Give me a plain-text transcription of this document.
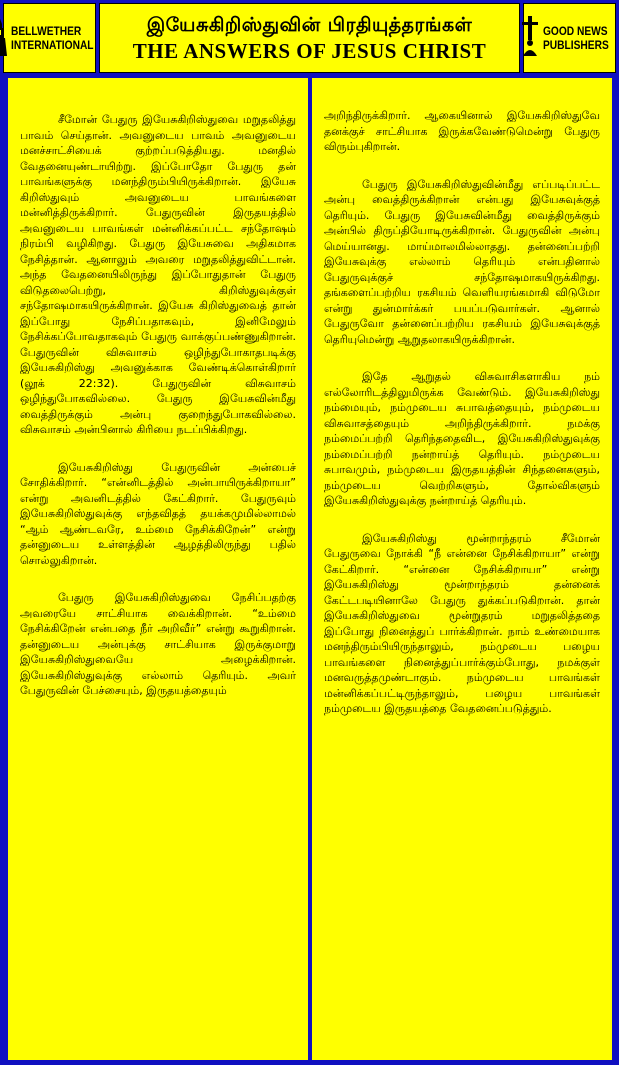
BELLWETHER
INTERNATIONAL
இயேசுகிறிஸ்துவின் பிரதியுத்தரங்கள்
THE ANSWERS OF JESUS CHRIST
GOOD NEWS
PUBLISHERS

சீமோன் பேதுரு இயேசுகிறிஸ்துவை மறுதலித்து பாவம் செய்தான். அவனுடைய பாவம் அவனுடைய மனச்சாட்சியைக் குற்றப்படுத்தியது. மனதில் வேதனையுண்டாயிற்று. இப்போதோ பேதுரு தன் பாவங்களுக்கு மனந்திரும்பியிருக்கிறான். இயேசு கிறிஸ்துவும் அவனுடைய பாவங்களை மன்னித்திருக்கிறார். பேதுருவின் இருதயத்தில் அவனுடைய பாவங்கள் மன்னிக்கப்பட்ட சந்தோஷம் நிரம்பி வழிகிறது. பேதுரு இயேசுவை அதிகமாக நேசித்தான். ஆனாலும் அவரை மறுதலித்துவிட்டான். அந்த வேதனையிலிருந்து இப்போதுதான் பேதுரு விடுதலைபெற்று, கிறிஸ்துவுக்குள் சந்தோஷமாகயிருக்கிறான். இயேசு கிறிஸ்துவைத் தான் இப்போது நேசிப்பதாகவும், இனிமேலும் நேசிக்கப்போவதாகவும் பேதுரு வாக்குப்பண்ணுகிறான். பேதுருவின் விசுவாசம் ஒழிந்துபோகாதபடிக்கு இயேசுகிறிஸ்து அவனுக்காக வேண்டிக்கொள்கிறார் (லூக் 22:32). பேதுருவின் விசுவாசம் ஒழிந்துபோகவில்லை. பேதுரு இயேசுவின்மீது வைத்திருக்கும் அன்பு குறைந்துபோகவில்லை. விசுவாசம் அன்பினால் கிரியை நடப்பிக்கிறது.

இயேசுகிறிஸ்து பேதுருவின் அன்பைச் சோதிக்கிறார். “என்னிடத்தில் அன்பாயிருக்கிறாயா” என்று அவனிடத்தில் கேட்கிறார். பேதுருவும் இயேசுகிறிஸ்துவுக்கு எந்தவிதத் தயக்கமுமில்லாமல் “ஆம் ஆண்டவரே, உம்மை நேசிக்கிறேன்” என்று தன்னுடைய உள்ளத்தின் ஆழத்திலிருந்து பதில் சொல்லுகிறான்.

பேதுரு இயேசுகிறிஸ்துவை நேசிப்பதற்கு அவரையே சாட்சியாக வைக்கிறான். “உம்மை நேசிக்கிறேன் என்பதை நீர் அறிவீர்” என்று கூறுகிறான். தன்னுடைய அன்புக்கு சாட்சியாக இருக்குமாறு இயேசுகிறிஸ்துவையே அழைக்கிறான். இயேசுகிறிஸ்துவுக்கு எல்லாம் தெரியும். அவர் பேதுருவின் பேச்சையும், இருதயத்தையும்

அறிந்திருக்கிறார். ஆகையினால் இயேசுகிறிஸ்துவே தனக்குச் சாட்சியாக இருக்கவேண்டுமென்று பேதுரு விரும்புகிறான்.

பேதுரு இயேசுகிறிஸ்துவின்மீது எப்படிப்பட்ட அன்பு வைத்திருக்கிறான் என்பது இயேசுவுக்குத் தெரியும். பேதுரு இயேசுவின்மீது வைத்திருக்கும் அன்பில் திருப்தியோடிருக்கிறான். பேதுருவின் அன்பு மெய்யானது. மாய்மாலமில்லாதது. தன்னைப்பற்றி இயேசுவுக்கு எல்லாம் தெரியும் என்பதினால் பேதுருவுக்குச் சந்தோஷமாகயிருக்கிறது. தங்களைப்பற்றிய ரகசியம் வெளியரங்கமாகி விடுமோ என்று துன்மார்க்கர் பயப்படுவார்கள். ஆனால் பேதுருவோ தன்னைப்பற்றிய ரகசியம் இயேசுவுக்குத் தெரியுமென்று ஆறுதலாகயிருக்கிறான்.

இதே ஆறுதல் விசுவாசிகளாகிய நம் எல்லோரிடத்திலுமிருக்க வேண்டும். இயேசுகிறிஸ்து நம்மையும், நம்முடைய சுபாவத்தையும், நம்முடைய விசுவாசத்தையும் அறிந்திருக்கிறார். நமக்கு நம்மைப்பற்றி தெரிந்ததைவிட, இயேசுகிறிஸ்துவுக்கு நம்மைப்பற்றி நன்றாய்த் தெரியும். நம்முடைய சுபாவமும், நம்முடைய இருதயத்தின் சிந்தனைகளும், நம்முடைய வெற்றிகளும், தோல்விகளும் இயேசுகிறிஸ்துவுக்கு நன்றாய்த் தெரியும்.

இயேசுகிறிஸ்து மூன்றாந்தரம் சீமோன் பேதுருவை நோக்கி “நீ என்னை நேசிக்கிறாயா” என்று கேட்கிறார். “என்னை நேசிக்கிறாயா” என்று இயேசுகிறிஸ்து மூன்றாந்தரம் தன்னைக் கேட்டபடியினாலே பேதுரு துக்கப்படுகிறான். தான் இயேசுகிறிஸ்துவை மூன்றுதரம் மறுதலித்ததை இப்போது நினைத்துப் பார்க்கிறான். நாம் உண்மையாக மனந்திரும்பியிருந்தாலும், நம்முடைய பழைய பாவங்களை நினைத்துப்பார்க்கும்போது, நமக்குள் மனவருத்தமுண்டாகும். நம்முடைய பாவங்கள் மன்னிக்கப்பட்டிருந்தாலும், பழைய பாவங்கள் நம்முடைய இருதயத்தை வேதனைப்படுத்தும்.
